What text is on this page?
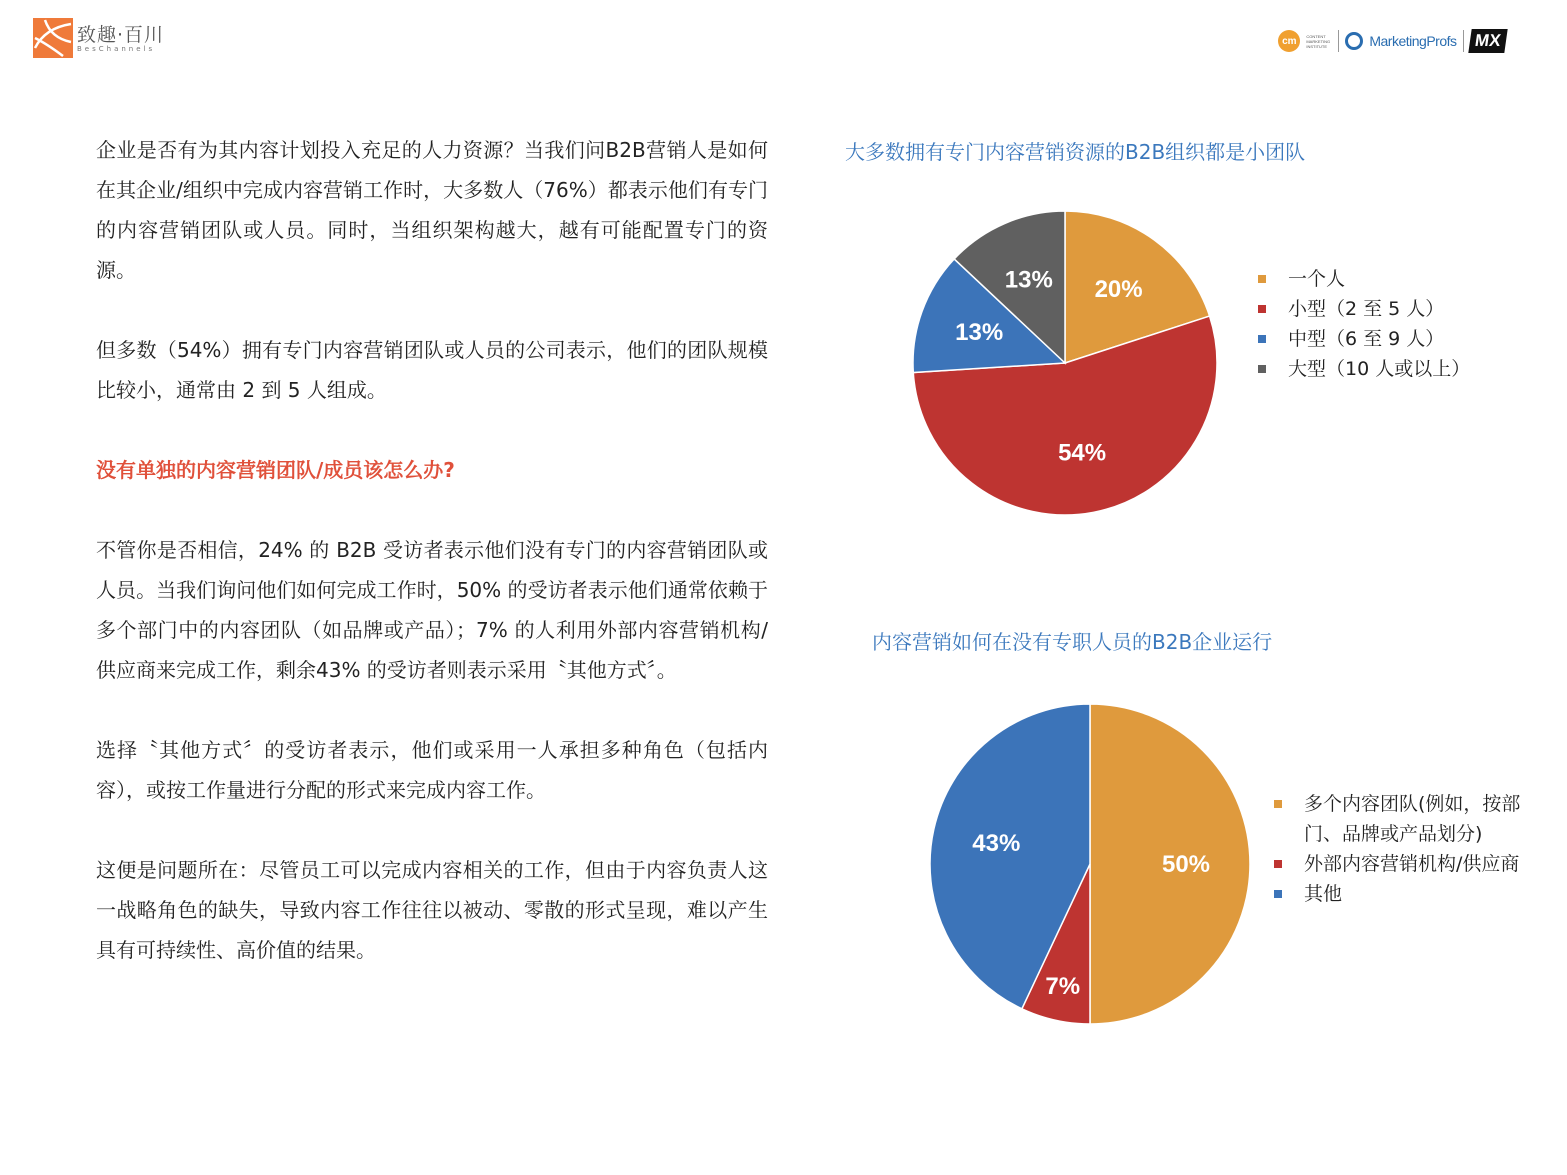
致趣·百川
BesChannels
cm	CONTENT MARKETING INSTITUTE	MarketingProfs MX

企业是否有为其内容计划投入充足的人力资源？当我们问B2B营销人是如何在其企业/组织中完成内容营销工作时，大多数人（76%）都表示他们有专门的内容营销团队或人员。同时，当组织架构越大，越有可能配置专门的资源。

但多数（54%）拥有专门内容营销团队或人员的公司表示，他们的团队规模比较小，通常由 2 到 5 人组成。

没有单独的内容营销团队/成员该怎么办?

不管你是否相信，24% 的 B2B 受访者表示他们没有专门的内容营销团队或人员。当我们询问他们如何完成工作时，50% 的受访者表示他们通常依赖于多个部门中的内容团队（如品牌或产品）；7% 的人利用外部内容营销机构/供应商来完成工作，剩余43% 的受访者则表示采用〝其他方式〞。

选择〝其他方式〞的受访者表示，他们或采用一人承担多种角色（包括内容），或按工作量进行分配的形式来完成内容工作。

这便是问题所在：尽管员工可以完成内容相关的工作，但由于内容负责人这一战略角色的缺失，导致内容工作往往以被动、零散的形式呈现，难以产生具有可持续性、高价值的结果。

大多数拥有专门内容营销资源的B2B组织都是小团队
20%
54%
13%
13%	一个人
小型（2 至 5 人）
中型（6 至 9 人）
大型（10 人或以上）
内容营销如何在没有专职人员的B2B企业运行
50%
7%
43%
多个内容团队(例如，按部门、品牌或产品划分)
外部内容营销机构/供应商
其他
